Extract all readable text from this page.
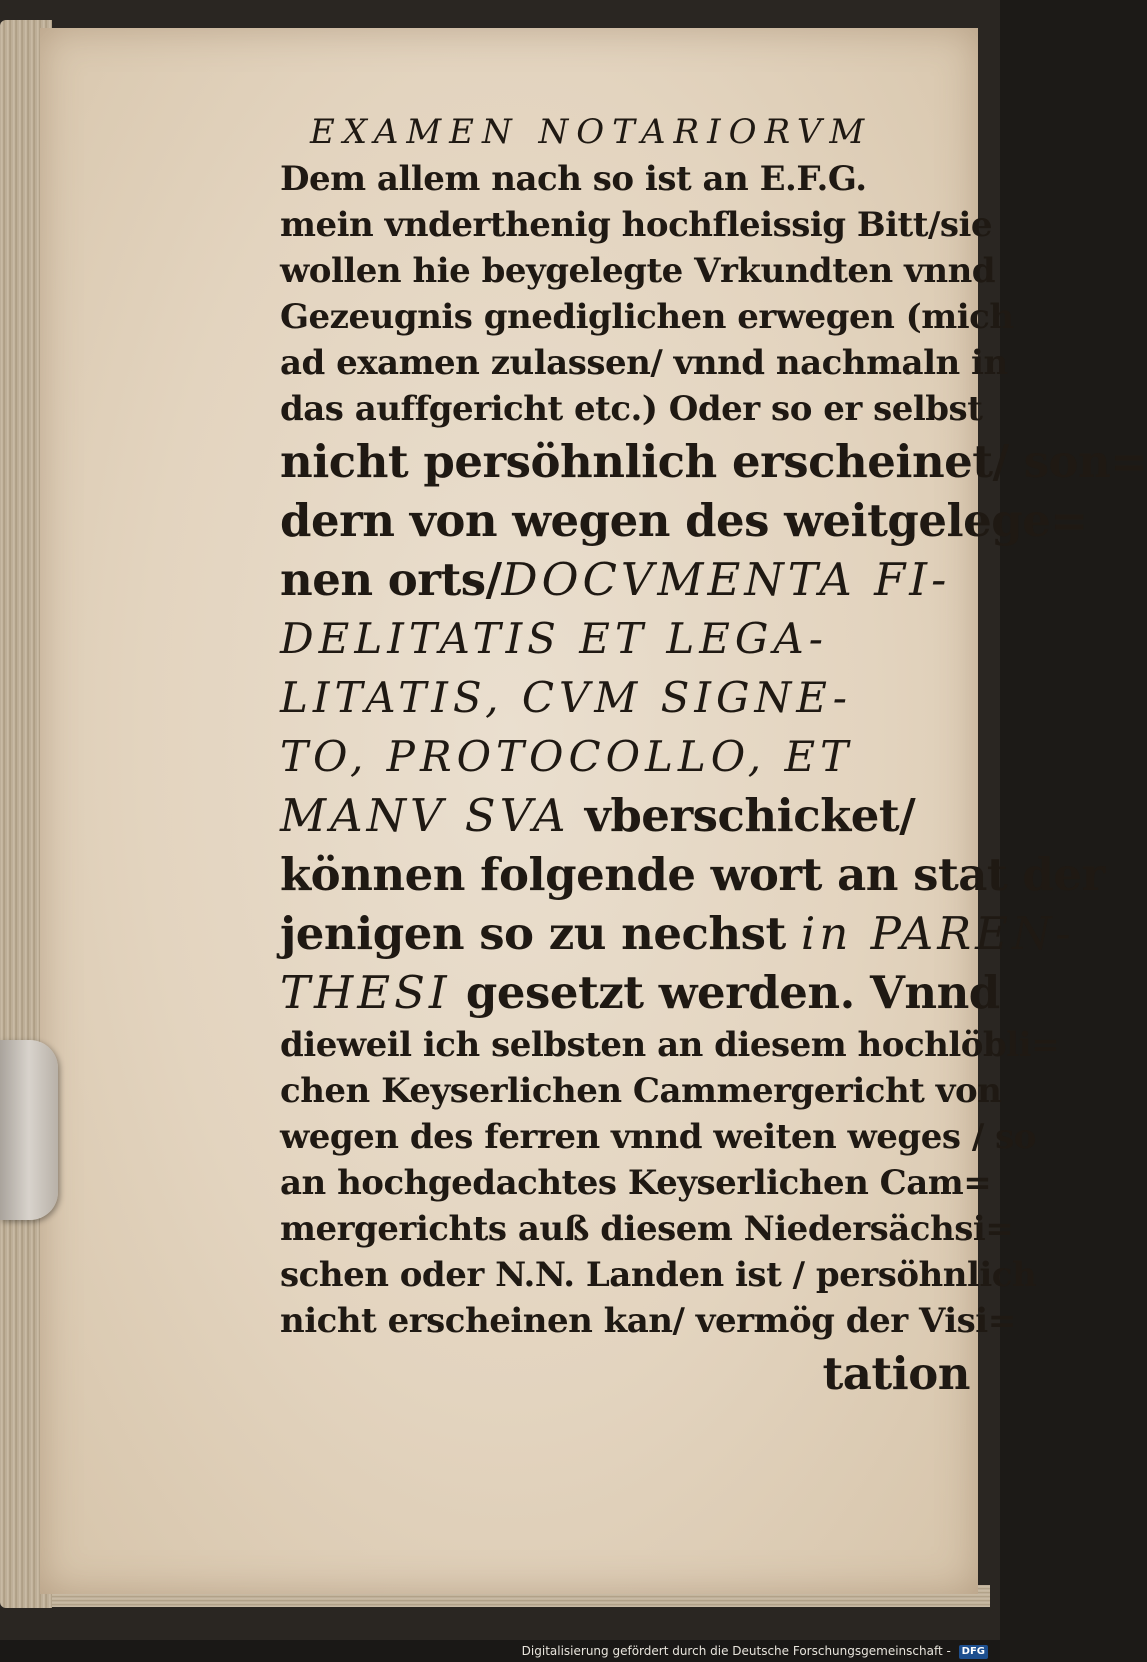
EXAMEN NOTARIORVM
Dem allem nach so ist an E.F.G.
mein vnderthenig hochfleissig Bitt/sie
wollen hie beygelegte Vrkundten vnnd
Gezeugnis gnediglichen erwegen (mich
ad examen zulassen/ vnnd nachmaln in
das auffgericht etc.) Oder so er selbst
nicht persöhnlich erscheinet/ son=
dern von wegen des weitgelege=
nen orts/DOCVMENTA FI-
DELITATIS ET LEGA-
LITATIS, CVM SIGNE-
TO, PROTOCOLLO, ET
MANV SVA vberschicket/
können folgende wort an stat der
jenigen so zu nechst in PAREN-
THESI gesetzt werden. Vnnd
dieweil ich selbsten an diesem hochlöbli=
chen Keyserlichen Cammergericht von
wegen des ferren vnnd weiten weges / so
an hochgedachtes Keyserlichen Cam=
mergerichts auß diesem Niedersächsi=
schen oder N.N. Landen ist / persöhnlich
nicht erscheinen kan/ vermög der Visi=
tation
Digitalisierung gefördert durch die Deutsche Forschungsgemeinschaft - DFG
